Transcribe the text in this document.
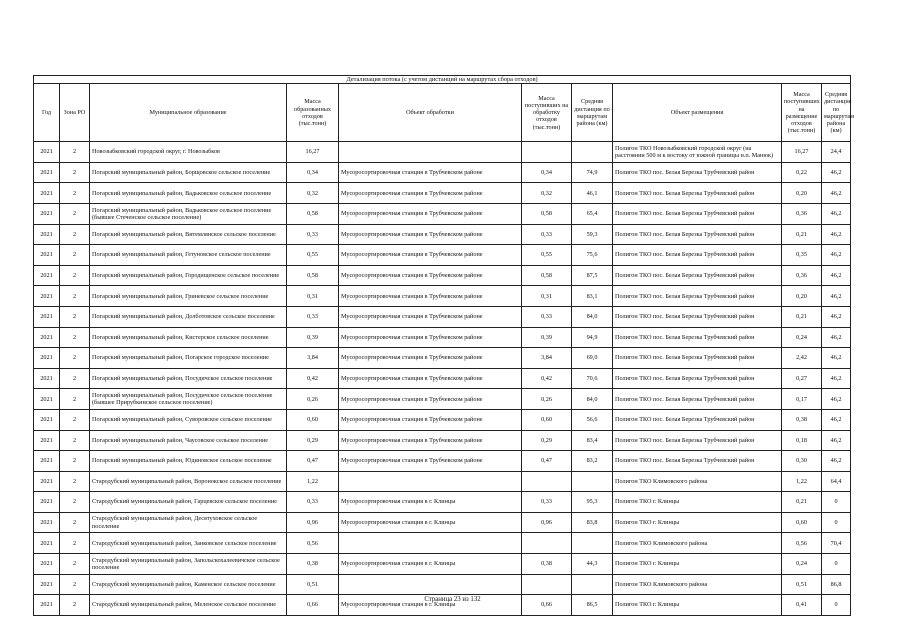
Детализация потока (с учетом дистанций на маршрутах сбора отходов)									
Год	Зона РО	Муниципальное образование	Масса образованных отходов (тыс.тонн)	Объект обработки	Масса поступивших на обработку отходов (тыс.тонн)	Средняя дистанция по маршрутам района (км)	Объект размещения	Масса поступивших на размещение отходов (тыс.тонн)	Средняя дистанция по маршрутам района (км)
2021	2	Новозыбковский городской округ, г. Новозыбков	16,27				Полигон ТКО Новозыбковский городской округ (на расстоянии 500 м к востоку от южной границы н.п. Манюк)	16,27	24,4
2021	2	Погарский муниципальный район, Борщовское сельское поселение	0,34	Мусоросортировочная станция в Трубчевском районе	0,34	74,9	Полигон ТКО пос. Белая Березка Трубчевский район	0,22	46,2
2021	2	Погарский муниципальный район, Вадьковское сельское поселение	0,32	Мусоросортировочная станция в Трубчевском районе	0,32	46,1	Полигон ТКО пос. Белая Березка Трубчевский район	0,20	46,2
2021	2	Погарский муниципальный район, Вадьковское сельское поселение (бывшее Стеченское сельское поселение)	0,58	Мусоросортировочная станция в Трубчевском районе	0,58	65,4	Полигон ТКО пос. Белая Березка Трубчевский район	0,36	46,2
2021	2	Погарский муниципальный район, Витемлянское сельское поселение	0,33	Мусоросортировочная станция в Трубчевском районе	0,33	59,3	Полигон ТКО пос. Белая Березка Трубчевский район	0,21	46,2
2021	2	Погарский муниципальный район, Гетуновское сельское поселение	0,55	Мусоросортировочная станция в Трубчевском районе	0,55	75,6	Полигон ТКО пос. Белая Березка Трубчевский район	0,35	46,2
2021	2	Погарский муниципальный район, Городищенское сельское поселение	0,58	Мусоросортировочная станция в Трубчевском районе	0,58	87,5	Полигон ТКО пос. Белая Березка Трубчевский район	0,36	46,2
2021	2	Погарский муниципальный район, Гриневское сельское поселение	0,31	Мусоросортировочная станция в Трубчевском районе	0,31	83,1	Полигон ТКО пос. Белая Березка Трубчевский район	0,20	46,2
2021	2	Погарский муниципальный район, Долботовское сельское поселение	0,33	Мусоросортировочная станция в Трубчевском районе	0,33	84,0	Полигон ТКО пос. Белая Березка Трубчевский район	0,21	46,2
2021	2	Погарский муниципальный район, Кистерское сельское поселение	0,39	Мусоросортировочная станция в Трубчевском районе	0,39	94,9	Полигон ТКО пос. Белая Березка Трубчевский район	0,24	46,2
2021	2	Погарский муниципальный район, Погарское городское поселение	3,84	Мусоросортировочная станция в Трубчевском районе	3,84	69,0	Полигон ТКО пос. Белая Березка Трубчевский район	2,42	46,2
2021	2	Погарский муниципальный район, Посудичское сельское поселение	0,42	Мусоросортировочная станция в Трубчевском районе	0,42	70,6	Полигон ТКО пос. Белая Березка Трубчевский район	0,27	46,2
2021	2	Погарский муниципальный район, Посудичское сельское поселение (бывшее Прирубкинское сельское поселение)	0,26	Мусоросортировочная станция в Трубчевском районе	0,26	84,0	Полигон ТКО пос. Белая Березка Трубчевский район	0,17	46,2
2021	2	Погарский муниципальный район, Суворовское сельское поселение	0,60	Мусоросортировочная станция в Трубчевском районе	0,60	56,6	Полигон ТКО пос. Белая Березка Трубчевский район	0,38	46,2
2021	2	Погарский муниципальный район, Чаусовское сельское поселение	0,29	Мусоросортировочная станция в Трубчевском районе	0,29	83,4	Полигон ТКО пос. Белая Березка Трубчевский район	0,18	46,2
2021	2	Погарский муниципальный район, Юдиновское сельское поселение	0,47	Мусоросортировочная станция в Трубчевском районе	0,47	83,2	Полигон ТКО пос. Белая Березка Трубчевский район	0,30	46,2
2021	2	Стародубский муниципальный район, Воронокское сельское поселение	1,22				Полигон ТКО Климовского района	1,22	64,4
2021	2	Стародубский муниципальный район, Гарцевское сельское поселение	0,33	Мусоросортировочная станция в г. Клинцы	0,33	95,3	Полигон ТКО г. Клинцы	0,21	0
2021	2	Стародубский муниципальный район, Десятуховское сельское поселение	0,96	Мусоросортировочная станция в г. Клинцы	0,96	83,8	Полигон ТКО г. Клинцы	0,60	0
2021	2	Стародубский муниципальный район, Занковское сельское поселение	0,56				Полигон ТКО Климовского района	0,56	70,4
2021	2	Стародубский муниципальный район, Запольскохалеевичское сельское поселение	0,38	Мусоросортировочная станция в г. Клинцы	0,38	44,3	Полигон ТКО г. Клинцы	0,24	0
2021	2	Стародубский муниципальный район, Каменское сельское поселение	0,51				Полигон ТКО Климовского района	0,51	86,8
2021	2	Стародубский муниципальный район, Меленское сельское поселение	0,66	Мусоросортировочная станция в г. Клинцы	0,66	86,5	Полигон ТКО г. Клинцы	0,41	0
Страница 23 из 132
